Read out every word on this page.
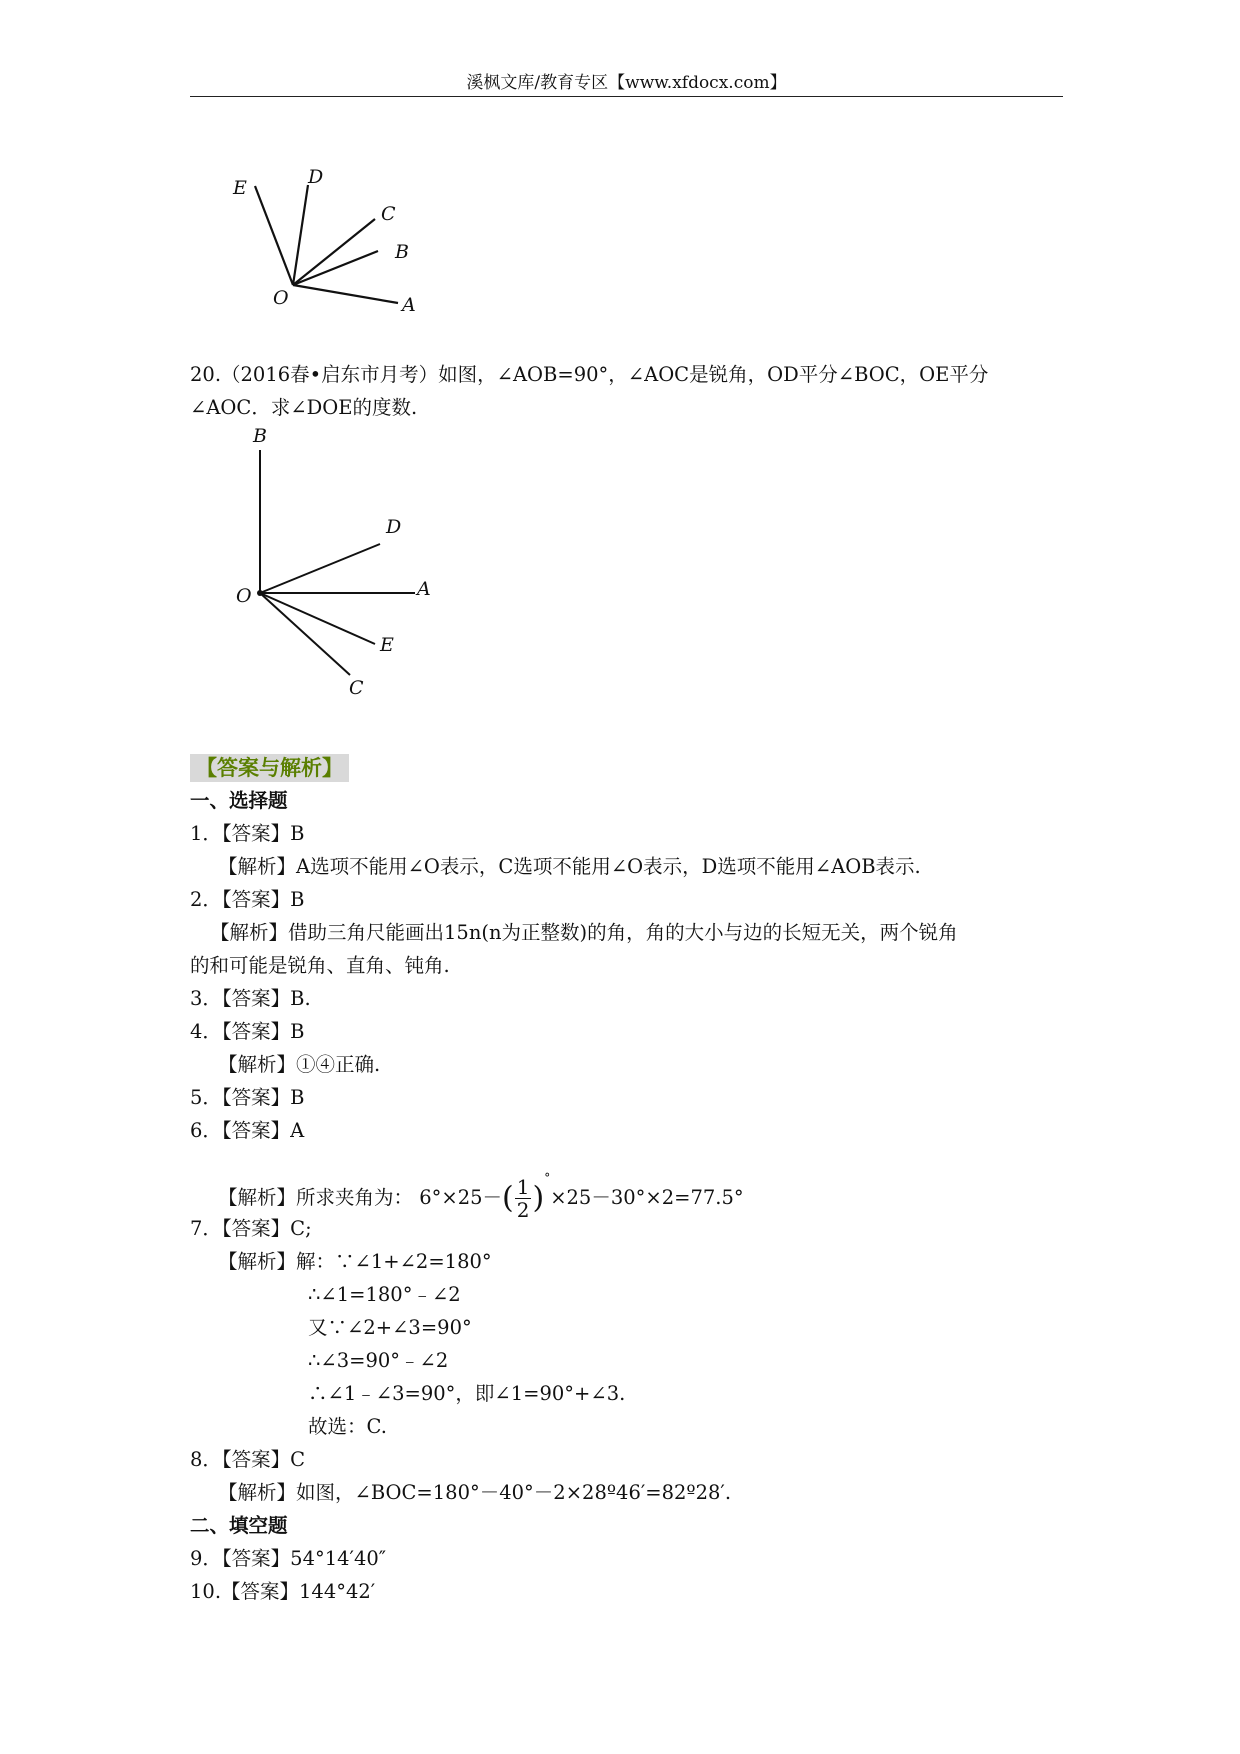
溪枫文库/教育专区【www.xfdocx.com】
E	D
C
B
O	A
20.（2016春•启东市月考）如图，∠AOB=90°，∠AOC是锐角，OD平分∠BOC，OE平分
∠AOC．求∠DOE的度数.
B
D
O	A
E
C
【答案与解析】
一、选择题
1．【答案】B
【解析】A选项不能用∠O表示，C选项不能用∠O表示，D选项不能用∠AOB表示.
2．【答案】B
【解析】借助三角尺能画出15n(n为正整数)的角，角的大小与边的长短无关，两个锐角
的和可能是锐角、直角、钝角.
3．【答案】B.
4．【答案】B
【解析】①④正确.
5．【答案】B
6．【答案】A
【解析】所求夹角为： $6^\circ\times 25-( \frac{1}{2} )^\circ\times 25-30^\circ\times 2=77.5^\circ$
7．【答案】C;
【解析】解：∵∠1+∠2=180°
∴∠1=180°﹣∠2
又∵∠2+∠3=90°
∴∠3=90°﹣∠2
∴∠1﹣∠3=90°，即∠1=90°+∠3.
故选：C.
8．【答案】C
【解析】如图，∠BOC=180°－40°－2×28º46′=82º28′.
二、填空题
9．【答案】54°14′40″
10.【答案】144°42′
